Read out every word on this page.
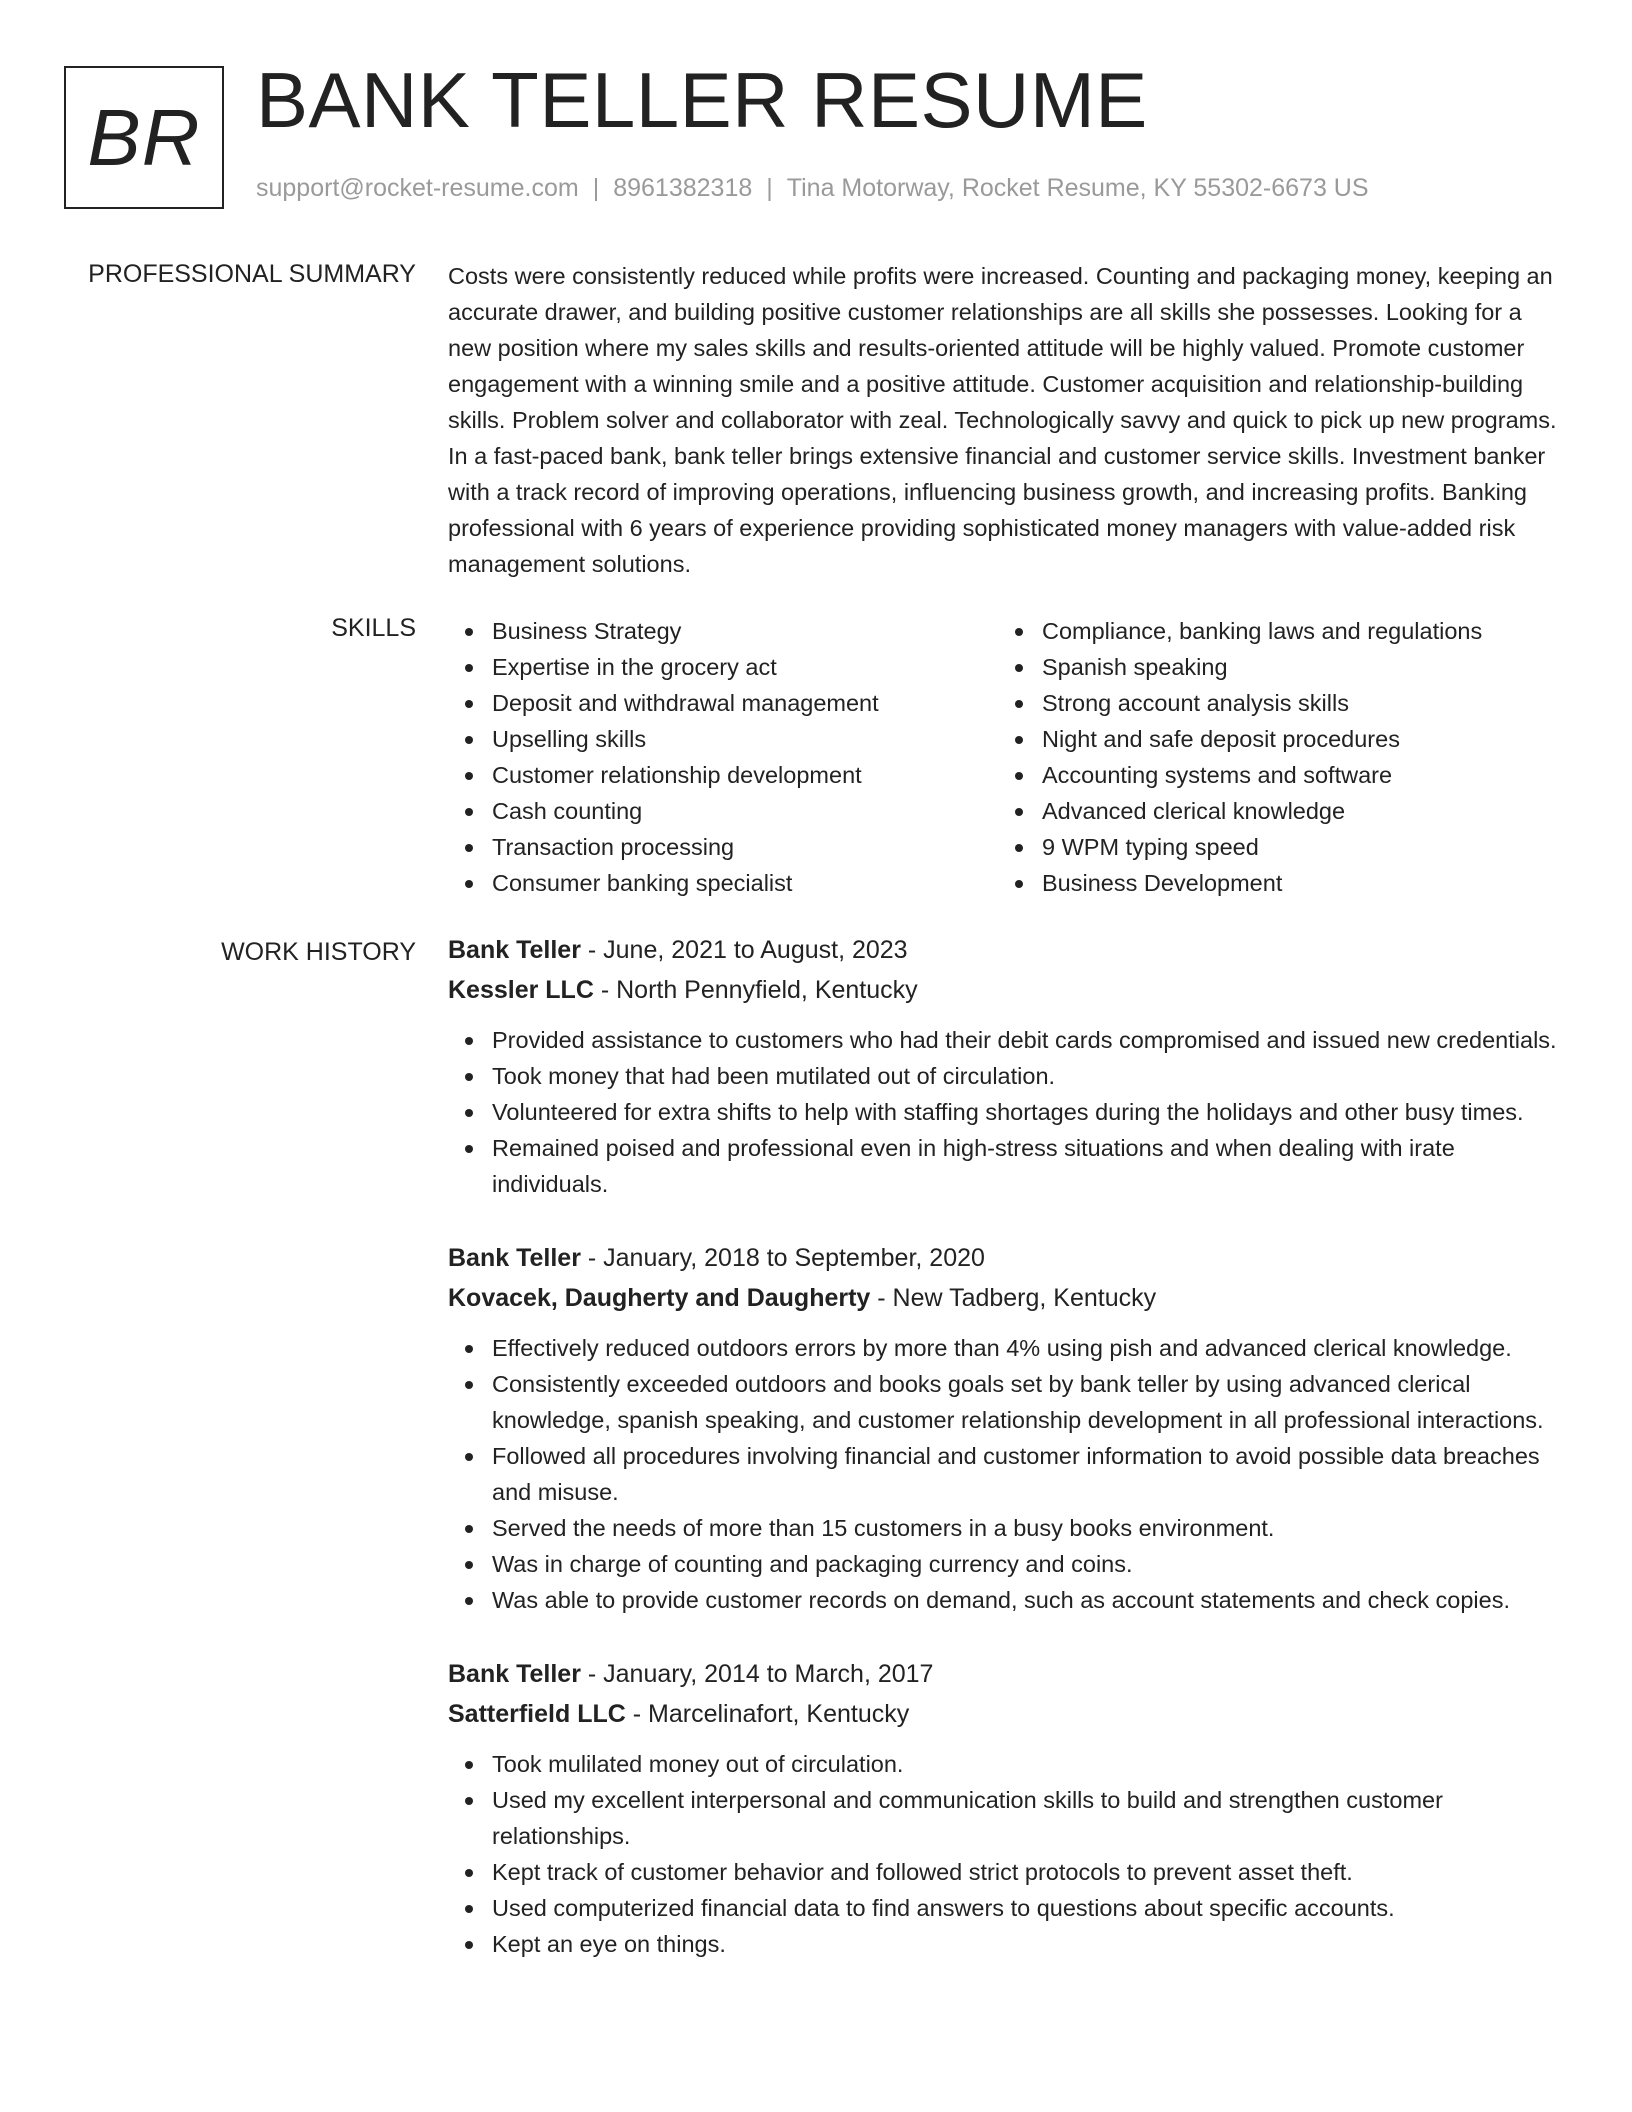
BR BANK TELLER RESUME
support@rocket-resume.com | 8961382318 | Tina Motorway, Rocket Resume, KY 55302-6673 US
PROFESSIONAL SUMMARY Costs were consistently reduced while profits were increased. Counting and packaging money, keeping an accurate drawer, and building positive customer relationships are all skills she possesses. Looking for a new position where my sales skills and results-oriented attitude will be highly valued. Promote customer engagement with a winning smile and a positive attitude. Customer acquisition and relationship-building skills. Problem solver and collaborator with zeal. Technologically savvy and quick to pick up new programs. In a fast-paced bank, bank teller brings extensive financial and customer service skills. Investment banker with a track record of improving operations, influencing business growth, and increasing profits. Banking professional with 6 years of experience providing sophisticated money managers with value-added risk management solutions.

SKILLS	Business Strategy
Expertise in the grocery act
Deposit and withdrawal management
Upselling skills
Customer relationship development
Cash counting
Transaction processing
Consumer banking specialist
Compliance, banking laws and regulations
Spanish speaking
Strong account analysis skills
Night and safe deposit procedures
Accounting systems and software
Advanced clerical knowledge
9 WPM typing speed
Business Development
WORK HISTORY Bank Teller - June, 2021 to August, 2023
Kessler LLC - North Pennyfield, Kentucky
Provided assistance to customers who had their debit cards compromised and issued new credentials.
Took money that had been mutilated out of circulation.
Volunteered for extra shifts to help with staffing shortages during the holidays and other busy times.
Remained poised and professional even in high-stress situations and when dealing with irate individuals.
Bank Teller - January, 2018 to September, 2020
Kovacek, Daugherty and Daugherty - New Tadberg, Kentucky
Effectively reduced outdoors errors by more than 4% using pish and advanced clerical knowledge.
Consistently exceeded outdoors and books goals set by bank teller by using advanced clerical knowledge, spanish speaking, and customer relationship development in all professional interactions.
Followed all procedures involving financial and customer information to avoid possible data breaches and misuse.
Served the needs of more than 15 customers in a busy books environment.
Was in charge of counting and packaging currency and coins.
Was able to provide customer records on demand, such as account statements and check copies.
Bank Teller - January, 2014 to March, 2017
Satterfield LLC - Marcelinafort, Kentucky
Took mulilated money out of circulation.
Used my excellent interpersonal and communication skills to build and strengthen customer relationships.
Kept track of customer behavior and followed strict protocols to prevent asset theft.
Used computerized financial data to find answers to questions about specific accounts.
Kept an eye on things.
